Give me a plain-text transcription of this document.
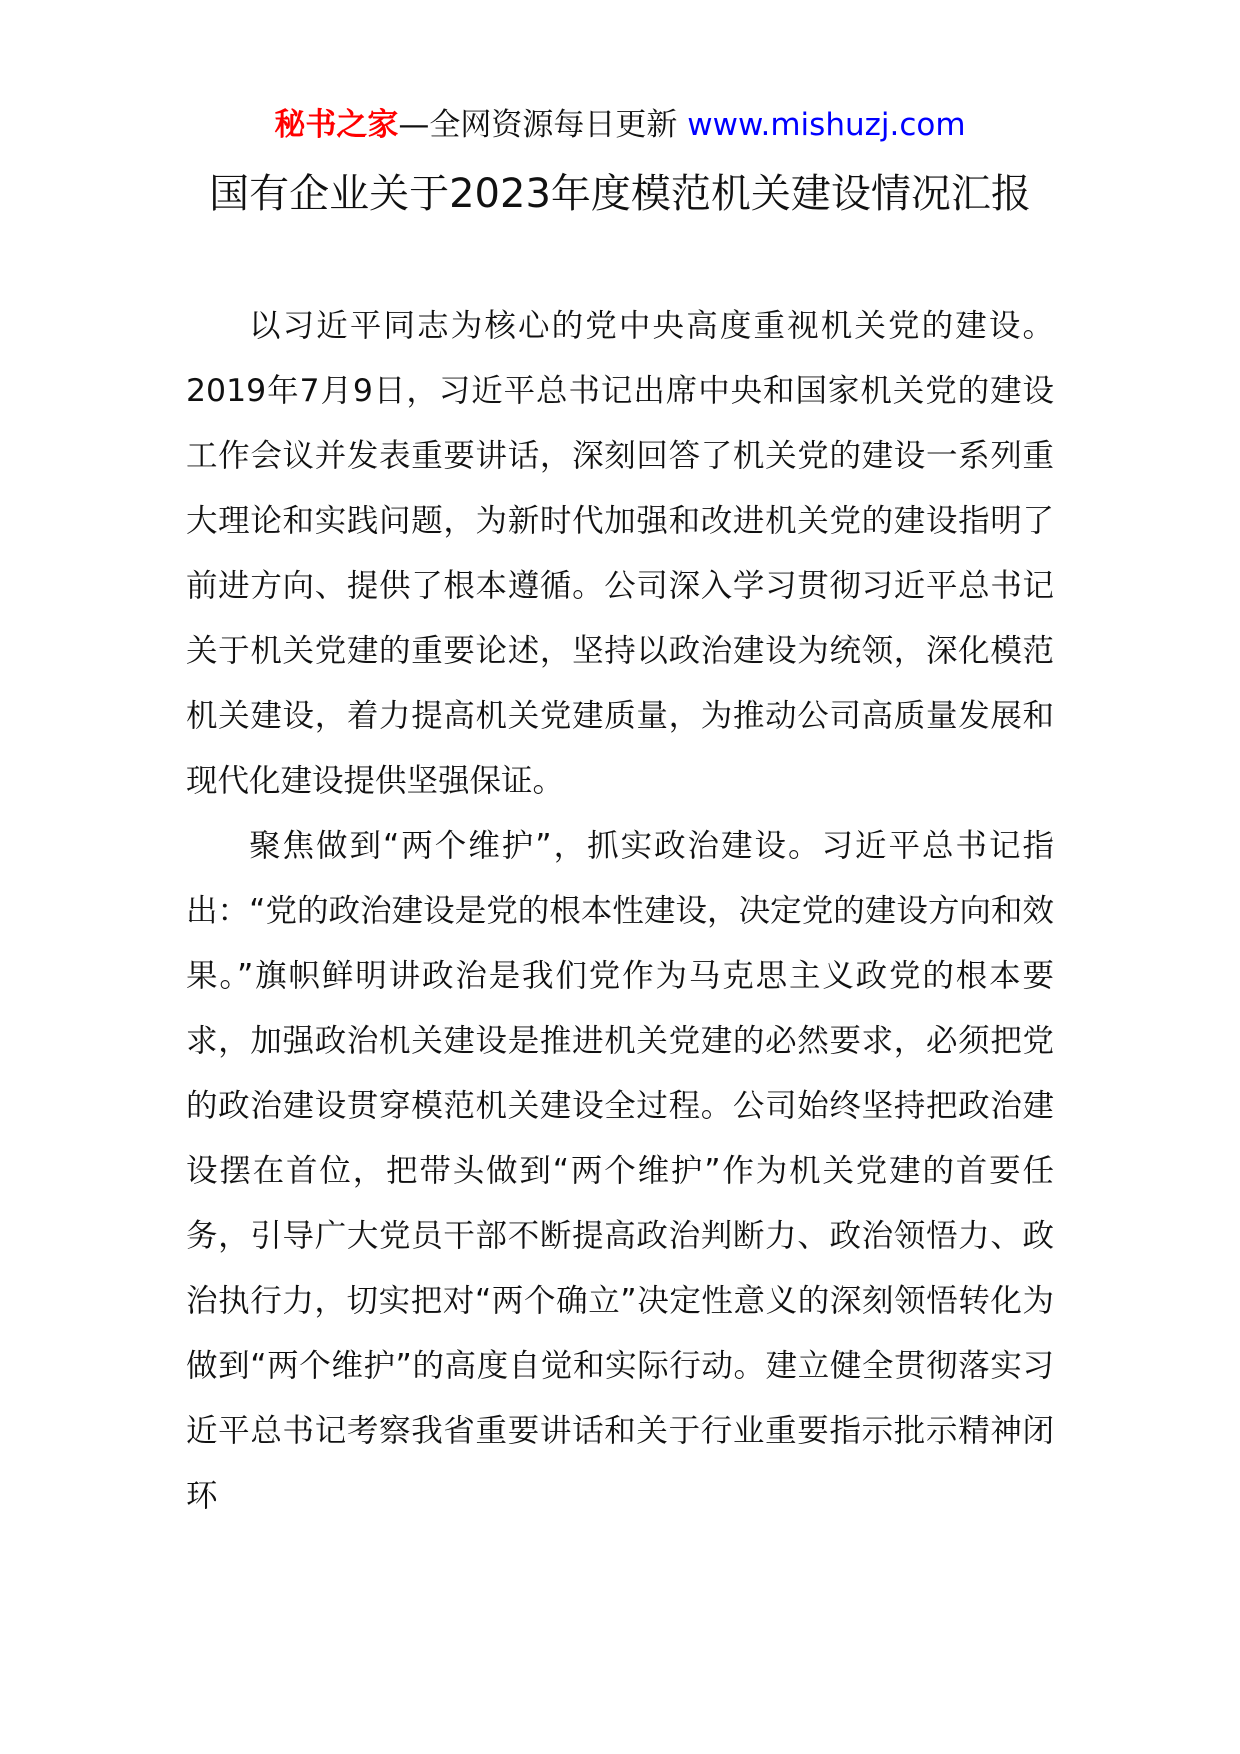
秘书之家—全网资源每日更新 www.mishuzj.com
国有企业关于2023年度模范机关建设情况汇报

以习近平同志为核心的党中央高度重视机关党的建设。2019年7月9日，习近平总书记出席中央和国家机关党的建设工作会议并发表重要讲话，深刻回答了机关党的建设一系列重大理论和实践问题，为新时代加强和改进机关党的建设指明了前进方向、提供了根本遵循。公司深入学习贯彻习近平总书记关于机关党建的重要论述，坚持以政治建设为统领，深化模范机关建设，着力提高机关党建质量，为推动公司高质量发展和现代化建设提供坚强保证。

聚焦做到“两个维护”，抓实政治建设。习近平总书记指出：“党的政治建设是党的根本性建设，决定党的建设方向和效果。”旗帜鲜明讲政治是我们党作为马克思主义政党的根本要求，加强政治机关建设是推进机关党建的必然要求，必须把党的政治建设贯穿模范机关建设全过程。公司始终坚持把政治建设摆在首位，把带头做到“两个维护”作为机关党建的首要任务，引导广大党员干部不断提高政治判断力、政治领悟力、政治执行力，切实把对“两个确立”决定性意义的深刻领悟转化为做到“两个维护”的高度自觉和实际行动。建立健全贯彻落实习近平总书记考察我省重要讲话和关于行业重要指示批示精神闭环
